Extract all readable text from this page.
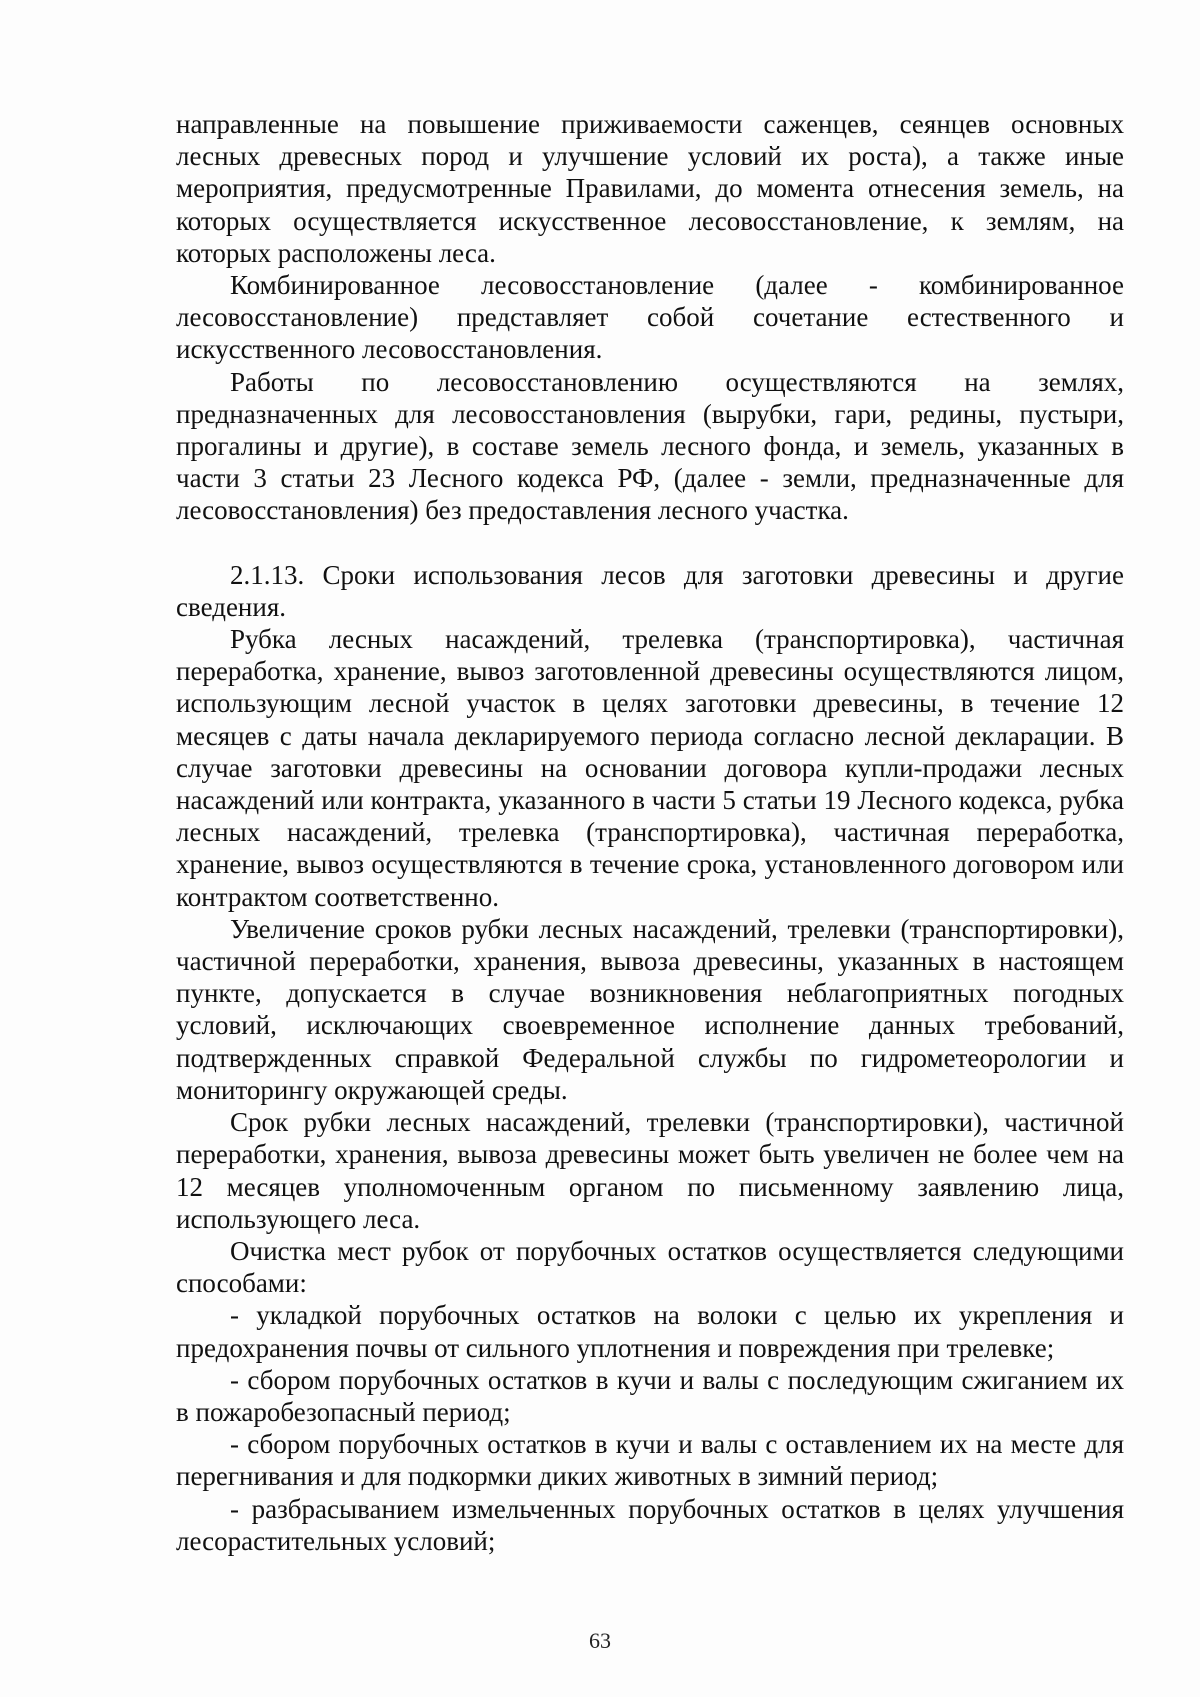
направленные на повышение приживаемости саженцев, сеянцев основных лесных древесных пород и улучшение условий их роста), а также иные мероприятия, предусмотренные Правилами, до момента отнесения земель, на которых осуществляется искусственное лесовосстановление, к землям, на которых расположены леса.

Комбинированное лесовосстановление (далее - комбинированное лесовосстановление) представляет собой сочетание естественного и искусственного лесовосстановления.

Работы по лесовосстановлению осуществляются на землях, предназначенных для лесовосстановления (вырубки, гари, редины, пустыри, прогалины и другие), в составе земель лесного фонда, и земель, указанных в части 3 статьи 23 Лесного кодекса РФ, (далее - земли, предназначенные для лесовосстановления) без предоставления лесного участка.

2.1.13. Сроки использования лесов для заготовки древесины и другие сведения.

Рубка лесных насаждений, трелевка (транспортировка), частичная переработка, хранение, вывоз заготовленной древесины осуществляются лицом, использующим лесной участок в целях заготовки древесины, в течение 12 месяцев с даты начала декларируемого периода согласно лесной декларации. В случае заготовки древесины на основании договора купли-продажи лесных насаждений или контракта, указанного в части 5 статьи 19 Лесного кодекса, рубка лесных насаждений, трелевка (транспортировка), частичная переработка, хранение, вывоз осуществляются в течение срока, установленного договором или контрактом соответственно.

Увеличение сроков рубки лесных насаждений, трелевки (транспортировки), частичной переработки, хранения, вывоза древесины, указанных в настоящем пункте, допускается в случае возникновения неблагоприятных погодных условий, исключающих своевременное исполнение данных требований, подтвержденных справкой Федеральной службы по гидрометеорологии и мониторингу окружающей среды.

Срок рубки лесных насаждений, трелевки (транспортировки), частичной переработки, хранения, вывоза древесины может быть увеличен не более чем на 12 месяцев уполномоченным органом по письменному заявлению лица, использующего леса.

Очистка мест рубок от порубочных остатков осуществляется следующими способами:

- укладкой порубочных остатков на волоки с целью их укрепления и предохранения почвы от сильного уплотнения и повреждения при трелевке;

- сбором порубочных остатков в кучи и валы с последующим сжиганием их в пожаробезопасный период;

- сбором порубочных остатков в кучи и валы с оставлением их на месте для перегнивания и для подкормки диких животных в зимний период;

- разбрасыванием измельченных порубочных остатков в целях улучшения лесорастительных условий;

63
